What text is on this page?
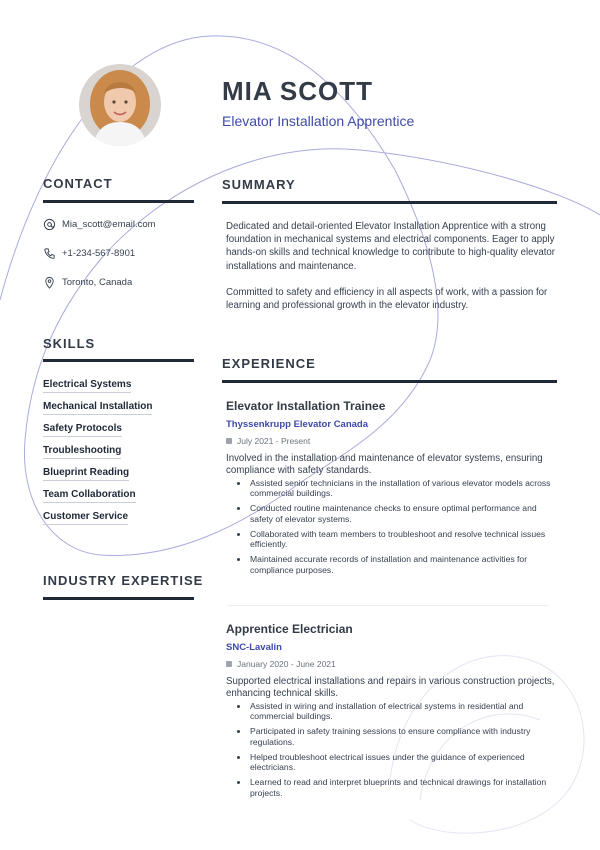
MIA SCOTT
Elevator Installation Apprentice
CONTACT
Mia_scott@email.com
+1-234-567-8901
Toronto, Canada
SKILLS
Electrical Systems
Mechanical Installation
Safety Protocols
Troubleshooting
Blueprint Reading
Team Collaboration
Customer Service
INDUSTRY EXPERTISE
SUMMARY

Dedicated and detail-oriented Elevator Installation Apprentice with a strong foundation in mechanical systems and electrical components. Eager to apply hands-on skills and technical knowledge to contribute to high-quality elevator installations and maintenance.

Committed to safety and efficiency in all aspects of work, with a passion for learning and professional growth in the elevator industry.

EXPERIENCE
Elevator Installation Trainee
Thyssenkrupp Elevator Canada
July 2021 - Present
Involved in the installation and maintenance of elevator systems, ensuring compliance with safety standards.
Assisted senior technicians in the installation of various elevator models across commercial buildings.
Conducted routine maintenance checks to ensure optimal performance and safety of elevator systems.
Collaborated with team members to troubleshoot and resolve technical issues efficiently.
Maintained accurate records of installation and maintenance activities for compliance purposes.
Apprentice Electrician
SNC-Lavalin
January 2020 - June 2021
Supported electrical installations and repairs in various construction projects, enhancing technical skills.
Assisted in wiring and installation of electrical systems in residential and commercial buildings.
Participated in safety training sessions to ensure compliance with industry regulations.
Helped troubleshoot electrical issues under the guidance of experienced electricians.
Learned to read and interpret blueprints and technical drawings for installation projects.
